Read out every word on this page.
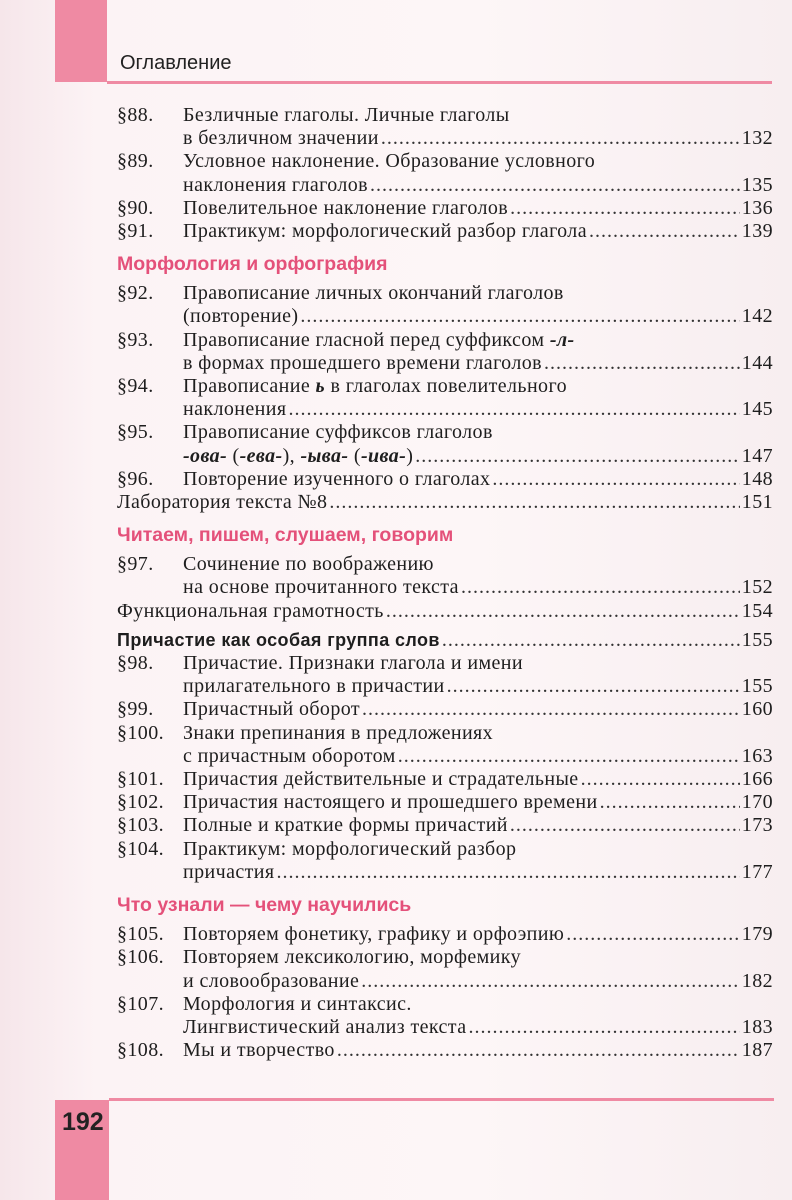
Оглавление
§88.	Безличные глаголы. Личные глаголы
в безличном значении .....	132
§89.	Условное наклонение. Образование условного
наклонения глаголов .....	135
§90.	Повелительное наклонение глаголов .....	136
§91.	Практикум: морфологический разбор глагола .....	139
Морфология и орфография
§92.	Правописание личных окончаний глаголов
(повторение) .....	142
§93.	Правописание гласной перед суффиксом -л-
в формах прошедшего времени глаголов .....	144
§94.	Правописание ь в глаголах повелительного
наклонения .....	145
§95.	Правописание суффиксов глаголов
-ова- (-ева-), -ыва- (-ива-) .....	147
§96.	Повторение изученного о глаголах .....	148
Лаборатория текста №8 .....	151
Читаем, пишем, слушаем, говорим
§97.	Сочинение по воображению
на основе прочитанного текста .....	152
Функциональная грамотность .....	154
Причастие как особая группа слов .....	155
§98.	Причастие. Признаки глагола и имени
прилагательного в причастии .....	155
§99.	Причастный оборот .....	160
§100. Знаки препинания в предложениях
с причастным оборотом .....	163
§101. Причастия действительные и страдательные .....	166
§102. Причастия настоящего и прошедшего времени .....	170
§103. Полные и краткие формы причастий .....	173
§104. Практикум: морфологический разбор
причастия .....	177
Что узнали — чему научились
§105. Повторяем фонетику, графику и орфоэпию .....	179
§106. Повторяем лексикологию, морфемику
и словообразование .....	182
§107. Морфология и синтаксис.
Лингвистический анализ текста .....	183
§108. Мы и творчество .....	187
192
